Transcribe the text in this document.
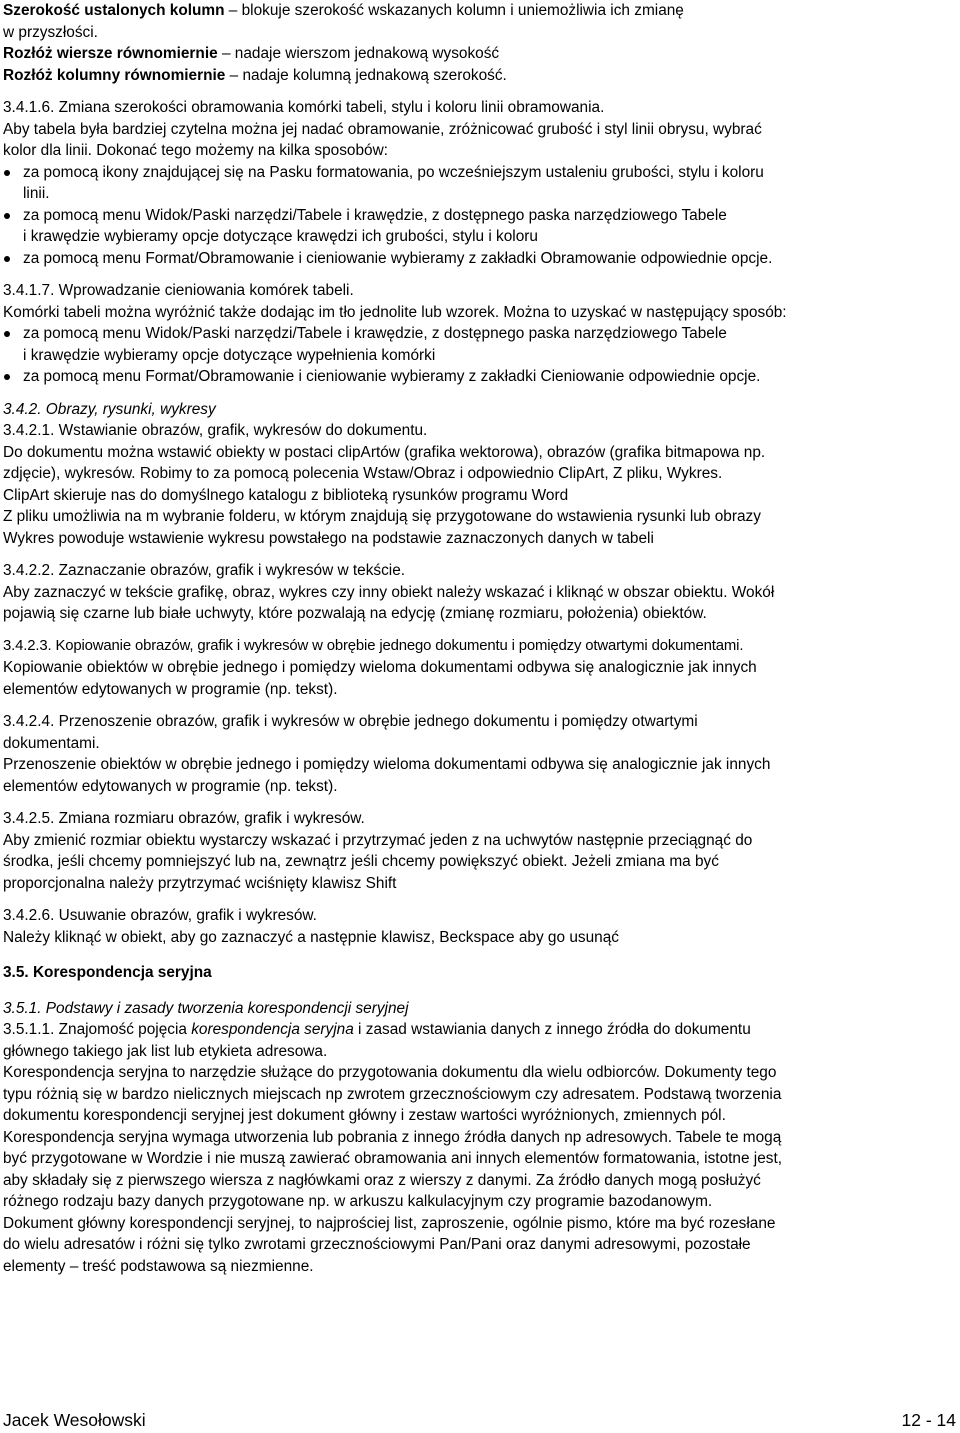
Szerokość ustalonych kolumn – blokuje szerokość wskazanych kolumn i uniemożliwia ich zmianę

w przyszłości.

Rozłóż wiersze równomiernie – nadaje wierszom jednakową wysokość

Rozłóż kolumny równomiernie – nadaje kolumną jednakową szerokość.

3.4.1.6. Zmiana szerokości obramowania komórki tabeli, stylu i koloru linii obramowania.

Aby tabela była bardziej czytelna można jej nadać obramowanie, zróżnicować grubość i styl linii obrysu, wybrać

kolor dla linii. Dokonać tego możemy na kilka sposobów:

za pomocą ikony znajdującej się na Pasku formatowania, po wcześniejszym ustaleniu grubości, stylu i koloru
linii.
za pomocą menu Widok/Paski narzędzi/Tabele i krawędzie, z dostępnego paska narzędziowego Tabele
i krawędzie wybieramy opcje dotyczące krawędzi ich grubości, stylu i koloru
za pomocą menu Format/Obramowanie i cieniowanie wybieramy z zakładki Obramowanie odpowiednie opcje.

3.4.1.7. Wprowadzanie cieniowania komórek tabeli.

Komórki tabeli można wyróżnić także dodając im tło jednolite lub wzorek. Można to uzyskać w następujący sposób:

za pomocą menu Widok/Paski narzędzi/Tabele i krawędzie, z dostępnego paska narzędziowego Tabele
i krawędzie wybieramy opcje dotyczące wypełnienia komórki
za pomocą menu Format/Obramowanie i cieniowanie wybieramy z zakładki Cieniowanie odpowiednie opcje.

3.4.2. Obrazy, rysunki, wykresy

3.4.2.1. Wstawianie obrazów, grafik, wykresów do dokumentu.

Do dokumentu można wstawić obiekty w postaci clipArtów (grafika wektorowa), obrazów (grafika bitmapowa np.

zdjęcie), wykresów. Robimy to za pomocą polecenia Wstaw/Obraz i odpowiednio ClipArt, Z pliku, Wykres.

ClipArt skieruje nas do domyślnego katalogu z biblioteką rysunków programu Word

Z pliku umożliwia na m wybranie folderu, w którym znajdują się przygotowane do wstawienia rysunki lub obrazy

Wykres powoduje wstawienie wykresu powstałego na podstawie zaznaczonych danych w tabeli

3.4.2.2. Zaznaczanie obrazów, grafik i wykresów w tekście.

Aby zaznaczyć w tekście grafikę, obraz, wykres czy inny obiekt należy wskazać i kliknąć w obszar obiektu. Wokół

pojawią się czarne lub białe uchwyty, które pozwalają na edycję (zmianę rozmiaru, położenia) obiektów.

3.4.2.3. Kopiowanie obrazów, grafik i wykresów w obrębie jednego dokumentu i pomiędzy otwartymi dokumentami.

Kopiowanie obiektów w obrębie jednego i pomiędzy wieloma dokumentami odbywa się analogicznie jak innych

elementów edytowanych w programie (np. tekst).

3.4.2.4. Przenoszenie obrazów, grafik i wykresów w obrębie jednego dokumentu i pomiędzy otwartymi

dokumentami.

Przenoszenie obiektów w obrębie jednego i pomiędzy wieloma dokumentami odbywa się analogicznie jak innych

elementów edytowanych w programie (np. tekst).

3.4.2.5. Zmiana rozmiaru obrazów, grafik i wykresów.

Aby zmienić rozmiar obiektu wystarczy wskazać i przytrzymać jeden z na uchwytów następnie przeciągnąć do

środka, jeśli chcemy pomniejszyć lub na, zewnątrz jeśli chcemy powiększyć obiekt. Jeżeli zmiana ma być

proporcjonalna należy przytrzymać wciśnięty klawisz Shift

3.4.2.6. Usuwanie obrazów, grafik i wykresów.

Należy kliknąć w obiekt, aby go zaznaczyć a następnie klawisz, Beckspace aby go usunąć

3.5. Korespondencja seryjna

3.5.1. Podstawy i zasady tworzenia korespondencji seryjnej

3.5.1.1. Znajomość pojęcia korespondencja seryjna i zasad wstawiania danych z innego źródła do dokumentu

głównego takiego jak list lub etykieta adresowa.

Korespondencja seryjna to narzędzie służące do przygotowania dokumentu dla wielu odbiorców. Dokumenty tego

typu różnią się w bardzo nielicznych miejscach np zwrotem grzecznościowym czy adresatem. Podstawą tworzenia

dokumentu korespondencji seryjnej jest dokument główny i zestaw wartości wyróżnionych, zmiennych pól.

Korespondencja seryjna wymaga utworzenia lub pobrania z innego źródła danych np adresowych. Tabele te mogą

być przygotowane w Wordzie i nie muszą zawierać obramowania ani innych elementów formatowania, istotne jest,

aby składały się z pierwszego wiersza z nagłówkami oraz z wierszy z danymi. Za źródło danych mogą posłużyć

różnego rodzaju bazy danych przygotowane np. w arkuszu kalkulacyjnym czy programie bazodanowym.

Dokument główny korespondencji seryjnej, to najprościej list, zaproszenie, ogólnie pismo, które ma być rozesłane

do wielu adresatów i różni się tylko zwrotami grzecznościowymi Pan/Pani oraz danymi adresowymi, pozostałe

elementy – treść podstawowa są niezmienne.

Jacek Wesołowski	12 - 14
